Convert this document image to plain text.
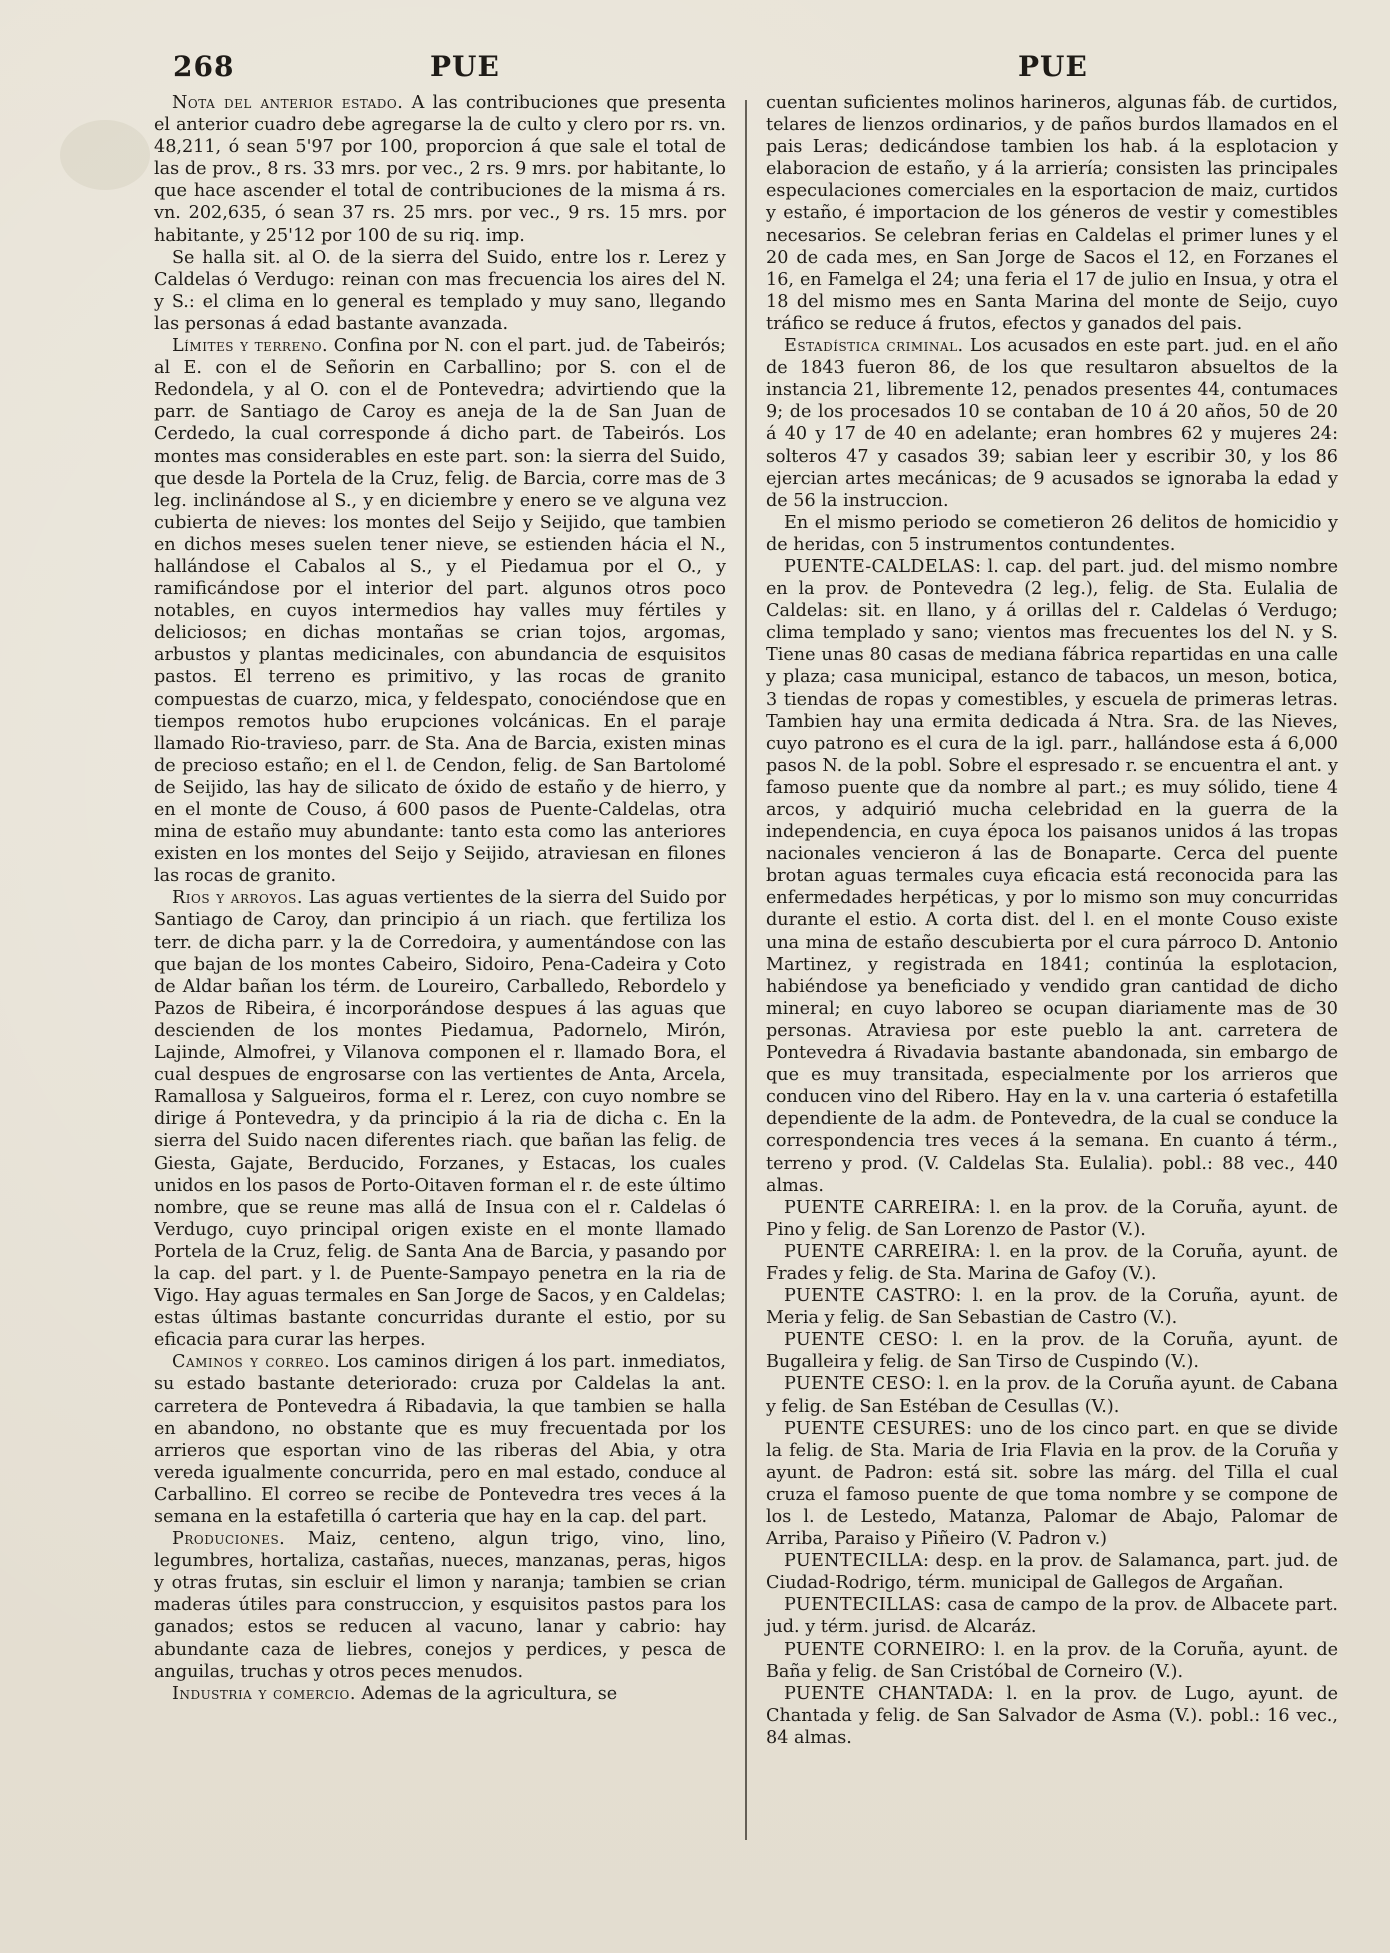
268	PUE	PUE

Nota del anterior estado. A las contribuciones que presenta el anterior cuadro debe agregarse la de culto y clero por rs. vn. 48,211, ó sean 5'97 por 100, proporcion á que sale el total de las de prov., 8 rs. 33 mrs. por vec., 2 rs. 9 mrs. por habitante, lo que hace ascender el total de contribuciones de la misma á rs. vn. 202,635, ó sean 37 rs. 25 mrs. por vec., 9 rs. 15 mrs. por habitante, y 25'12 por 100 de su riq. imp.

Se halla sit. al O. de la sierra del Suido, entre los r. Lerez y Caldelas ó Verdugo: reinan con mas frecuencia los aires del N. y S.: el clima en lo general es templado y muy sano, llegando las personas á edad bastante avanzada.

Límites y terreno. Confina por N. con el part. jud. de Tabeirós; al E. con el de Señorin en Carballino; por S. con el de Redondela, y al O. con el de Pontevedra; advirtiendo que la parr. de Santiago de Caroy es aneja de la de San Juan de Cerdedo, la cual corresponde á dicho part. de Tabeirós. Los montes mas considerables en este part. son: la sierra del Suido, que desde la Portela de la Cruz, felig. de Barcia, corre mas de 3 leg. inclinándose al S., y en diciembre y enero se ve alguna vez cubierta de nieves: los montes del Seijo y Seijido, que tambien en dichos meses suelen tener nieve, se estienden hácia el N., hallándose el Cabalos al S., y el Piedamua por el O., y ramificándose por el interior del part. algunos otros poco notables, en cuyos intermedios hay valles muy fértiles y deliciosos; en dichas montañas se crian tojos, argomas, arbustos y plantas medicinales, con abundancia de esquisitos pastos. El terreno es primitivo, y las rocas de granito compuestas de cuarzo, mica, y feldespato, conociéndose que en tiempos remotos hubo erupciones volcánicas. En el paraje llamado Rio-travieso, parr. de Sta. Ana de Barcia, existen minas de precioso estaño; en el l. de Cendon, felig. de San Bartolomé de Seijido, las hay de silicato de óxido de estaño y de hierro, y en el monte de Couso, á 600 pasos de Puente-Caldelas, otra mina de estaño muy abundante: tanto esta como las anteriores existen en los montes del Seijo y Seijido, atraviesan en filones las rocas de granito.

Rios y arroyos. Las aguas vertientes de la sierra del Suido por Santiago de Caroy, dan principio á un riach. que fertiliza los terr. de dicha parr. y la de Corredoira, y aumentándose con las que bajan de los montes Cabeiro, Sidoiro, Pena-Cadeira y Coto de Aldar bañan los térm. de Loureiro, Carballedo, Rebordelo y Pazos de Ribeira, é incorporándose despues á las aguas que descienden de los montes Piedamua, Padornelo, Mirón, Lajinde, Almofrei, y Vilanova componen el r. llamado Bora, el cual despues de engrosarse con las vertientes de Anta, Arcela, Ramallosa y Salgueiros, forma el r. Lerez, con cuyo nombre se dirige á Pontevedra, y da principio á la ria de dicha c. En la sierra del Suido nacen diferentes riach. que bañan las felig. de Giesta, Gajate, Berducido, Forzanes, y Estacas, los cuales unidos en los pasos de Porto-Oitaven forman el r. de este último nombre, que se reune mas allá de Insua con el r. Caldelas ó Verdugo, cuyo principal origen existe en el monte llamado Portela de la Cruz, felig. de Santa Ana de Barcia, y pasando por la cap. del part. y l. de Puente-Sampayo penetra en la ria de Vigo. Hay aguas termales en San Jorge de Sacos, y en Caldelas; estas últimas bastante concurridas durante el estio, por su eficacia para curar las herpes.

Caminos y correo. Los caminos dirigen á los part. inmediatos, su estado bastante deteriorado: cruza por Caldelas la ant. carretera de Pontevedra á Ribadavia, la que tambien se halla en abandono, no obstante que es muy frecuentada por los arrieros que esportan vino de las riberas del Abia, y otra vereda igualmente concurrida, pero en mal estado, conduce al Carballino. El correo se recibe de Pontevedra tres veces á la semana en la estafetilla ó carteria que hay en la cap. del part.

Produciones. Maiz, centeno, algun trigo, vino, lino, legumbres, hortaliza, castañas, nueces, manzanas, peras, higos y otras frutas, sin escluir el limon y naranja; tambien se crian maderas útiles para construccion, y esquisitos pastos para los ganados; estos se reducen al vacuno, lanar y cabrio: hay abundante caza de liebres, conejos y perdices, y pesca de anguilas, truchas y otros peces menudos.

Industria y comercio. Ademas de la agricultura, se

cuentan suficientes molinos harineros, algunas fáb. de curtidos, telares de lienzos ordinarios, y de paños burdos llamados en el pais Leras; dedicándose tambien los hab. á la esplotacion y elaboracion de estaño, y á la arriería; consisten las principales especulaciones comerciales en la esportacion de maiz, curtidos y estaño, é importacion de los géneros de vestir y comestibles necesarios. Se celebran ferias en Caldelas el primer lunes y el 20 de cada mes, en San Jorge de Sacos el 12, en Forzanes el 16, en Famelga el 24; una feria el 17 de julio en Insua, y otra el 18 del mismo mes en Santa Marina del monte de Seijo, cuyo tráfico se reduce á frutos, efectos y ganados del pais.

Estadística criminal. Los acusados en este part. jud. en el año de 1843 fueron 86, de los que resultaron absueltos de la instancia 21, libremente 12, penados presentes 44, contumaces 9; de los procesados 10 se contaban de 10 á 20 años, 50 de 20 á 40 y 17 de 40 en adelante; eran hombres 62 y mujeres 24: solteros 47 y casados 39; sabian leer y escribir 30, y los 86 ejercian artes mecánicas; de 9 acusados se ignoraba la edad y de 56 la instruccion.

En el mismo periodo se cometieron 26 delitos de homicidio y de heridas, con 5 instrumentos contundentes.

PUENTE-CALDELAS: l. cap. del part. jud. del mismo nombre en la prov. de Pontevedra (2 leg.), felig. de Sta. Eulalia de Caldelas: sit. en llano, y á orillas del r. Caldelas ó Verdugo; clima templado y sano; vientos mas frecuentes los del N. y S. Tiene unas 80 casas de mediana fábrica repartidas en una calle y plaza; casa municipal, estanco de tabacos, un meson, botica, 3 tiendas de ropas y comestibles, y escuela de primeras letras. Tambien hay una ermita dedicada á Ntra. Sra. de las Nieves, cuyo patrono es el cura de la igl. parr., hallándose esta á 6,000 pasos N. de la pobl. Sobre el espresado r. se encuentra el ant. y famoso puente que da nombre al part.; es muy sólido, tiene 4 arcos, y adquirió mucha celebridad en la guerra de la independencia, en cuya época los paisanos unidos á las tropas nacionales vencieron á las de Bonaparte. Cerca del puente brotan aguas termales cuya eficacia está reconocida para las enfermedades herpéticas, y por lo mismo son muy concurridas durante el estio. A corta dist. del l. en el monte Couso existe una mina de estaño descubierta por el cura párroco D. Antonio Martinez, y registrada en 1841; continúa la esplotacion, habiéndose ya beneficiado y vendido gran cantidad de dicho mineral; en cuyo laboreo se ocupan diariamente mas de 30 personas. Atraviesa por este pueblo la ant. carretera de Pontevedra á Rivadavia bastante abandonada, sin embargo de que es muy transitada, especialmente por los arrieros que conducen vino del Ribero. Hay en la v. una carteria ó estafetilla dependiente de la adm. de Pontevedra, de la cual se conduce la correspondencia tres veces á la semana. En cuanto á térm., terreno y prod. (V. Caldelas Sta. Eulalia). pobl.: 88 vec., 440 almas.

PUENTE CARREIRA: l. en la prov. de la Coruña, ayunt. de Pino y felig. de San Lorenzo de Pastor (V.).

PUENTE CARREIRA: l. en la prov. de la Coruña, ayunt. de Frades y felig. de Sta. Marina de Gafoy (V.).

PUENTE CASTRO: l. en la prov. de la Coruña, ayunt. de Meria y felig. de San Sebastian de Castro (V.).

PUENTE CESO: l. en la prov. de la Coruña, ayunt. de Bugalleira y felig. de San Tirso de Cuspindo (V.).

PUENTE CESO: l. en la prov. de la Coruña ayunt. de Cabana y felig. de San Estéban de Cesullas (V.).

PUENTE CESURES: uno de los cinco part. en que se divide la felig. de Sta. Maria de Iria Flavia en la prov. de la Coruña y ayunt. de Padron: está sit. sobre las márg. del Tilla el cual cruza el famoso puente de que toma nombre y se compone de los l. de Lestedo, Matanza, Palomar de Abajo, Palomar de Arriba, Paraiso y Piñeiro (V. Padron v.)

PUENTECILLA: desp. en la prov. de Salamanca, part. jud. de Ciudad-Rodrigo, térm. municipal de Gallegos de Argañan.

PUENTECILLAS: casa de campo de la prov. de Albacete part. jud. y térm. jurisd. de Alcaráz.

PUENTE CORNEIRO: l. en la prov. de la Coruña, ayunt. de Baña y felig. de San Cristóbal de Corneiro (V.).

PUENTE CHANTADA: l. en la prov. de Lugo, ayunt. de Chantada y felig. de San Salvador de Asma (V.). pobl.: 16 vec., 84 almas.
